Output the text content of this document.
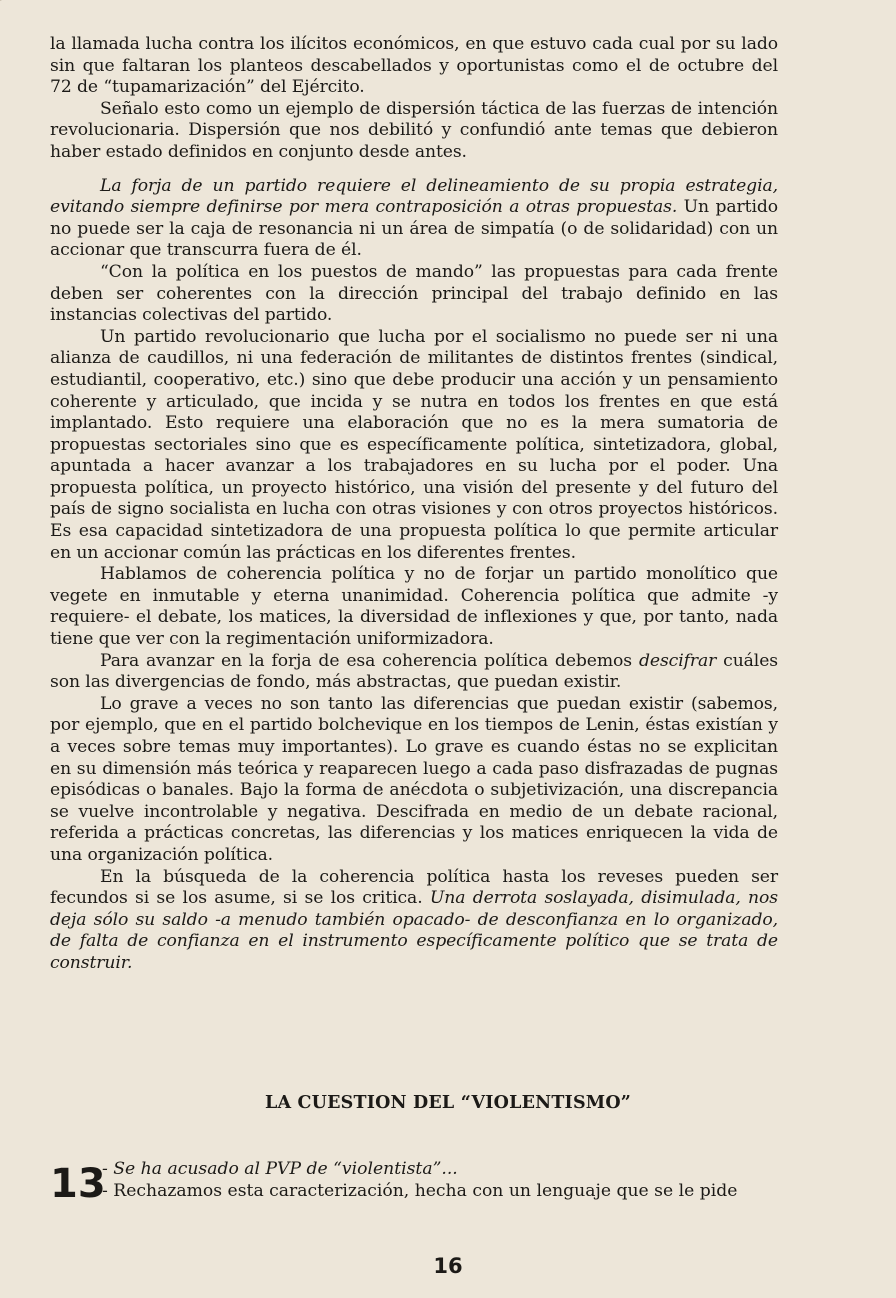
la llamada lucha contra los ilícitos económicos, en que estuvo cada cual por su lado sin que faltaran los planteos descabellados y oportunistas como el de octubre del 72 de “tupamarización” del Ejército.

Señalo esto como un ejemplo de dispersión táctica de las fuerzas de intención revolucionaria. Dispersión que nos debilitó y confundió ante temas que debieron haber estado definidos en conjunto desde antes.

La forja de un partido requiere el delineamiento de su propia estrategia, evitando siempre definirse por mera contraposición a otras propuestas. Un partido no puede ser la caja de resonancia ni un área de simpatía (o de solidaridad) con un accionar que transcurra fuera de él.

“Con la política en los puestos de mando” las propuestas para cada frente deben ser coherentes con la dirección principal del trabajo definido en las instancias colectivas del partido.

Un partido revolucionario que lucha por el socialismo no puede ser ni una alianza de caudillos, ni una federación de militantes de distintos frentes (sindical, estudiantil, cooperativo, etc.) sino que debe producir una acción y un pensamiento coherente y articulado, que incida y se nutra en todos los frentes en que está implantado. Esto requiere una elaboración que no es la mera sumatoria de propuestas sectoriales sino que es específicamente política, sintetizadora, global, apuntada a hacer avanzar a los trabajadores en su lucha por el poder. Una propuesta política, un proyecto histórico, una visión del presente y del futuro del país de signo socialista en lucha con otras visiones y con otros proyectos históricos. Es esa capacidad sintetizadora de una propuesta política lo que permite articular en un accionar común las prácticas en los diferentes frentes.

Hablamos de coherencia política y no de forjar un partido monolítico que vegete en inmutable y eterna unanimidad. Coherencia política que admite -y requiere- el debate, los matices, la diversidad de inflexiones y que, por tanto, nada tiene que ver con la regimentación uniformizadora.

Para avanzar en la forja de esa coherencia política debemos descifrar cuáles son las divergencias de fondo, más abstractas, que puedan existir.

Lo grave a veces no son tanto las diferencias que puedan existir (sabemos, por ejemplo, que en el partido bolchevique en los tiempos de Lenin, éstas existían y a veces sobre temas muy importantes). Lo grave es cuando éstas no se explicitan en su dimensión más teórica y reaparecen luego a cada paso disfrazadas de pugnas episódicas o banales. Bajo la forma de anécdota o subjetivización, una discrepancia se vuelve incontrolable y negativa. Descifrada en medio de un debate racional, referida a prácticas concretas, las diferencias y los matices enriquecen la vida de una organización política.

En la búsqueda de la coherencia política hasta los reveses pueden ser fecundos si se los asume, si se los critica. Una derrota soslayada, disimulada, nos deja sólo su saldo -a menudo también opacado- de desconfianza en lo organizado, de falta de confianza en el instrumento específicamente político que se trata de construir.

LA CUESTION DEL “VIOLENTISMO”
13
- Se ha acusado al PVP de “violentista”...
- Rechazamos esta caracterización, hecha con un lenguaje que se le pide
16
